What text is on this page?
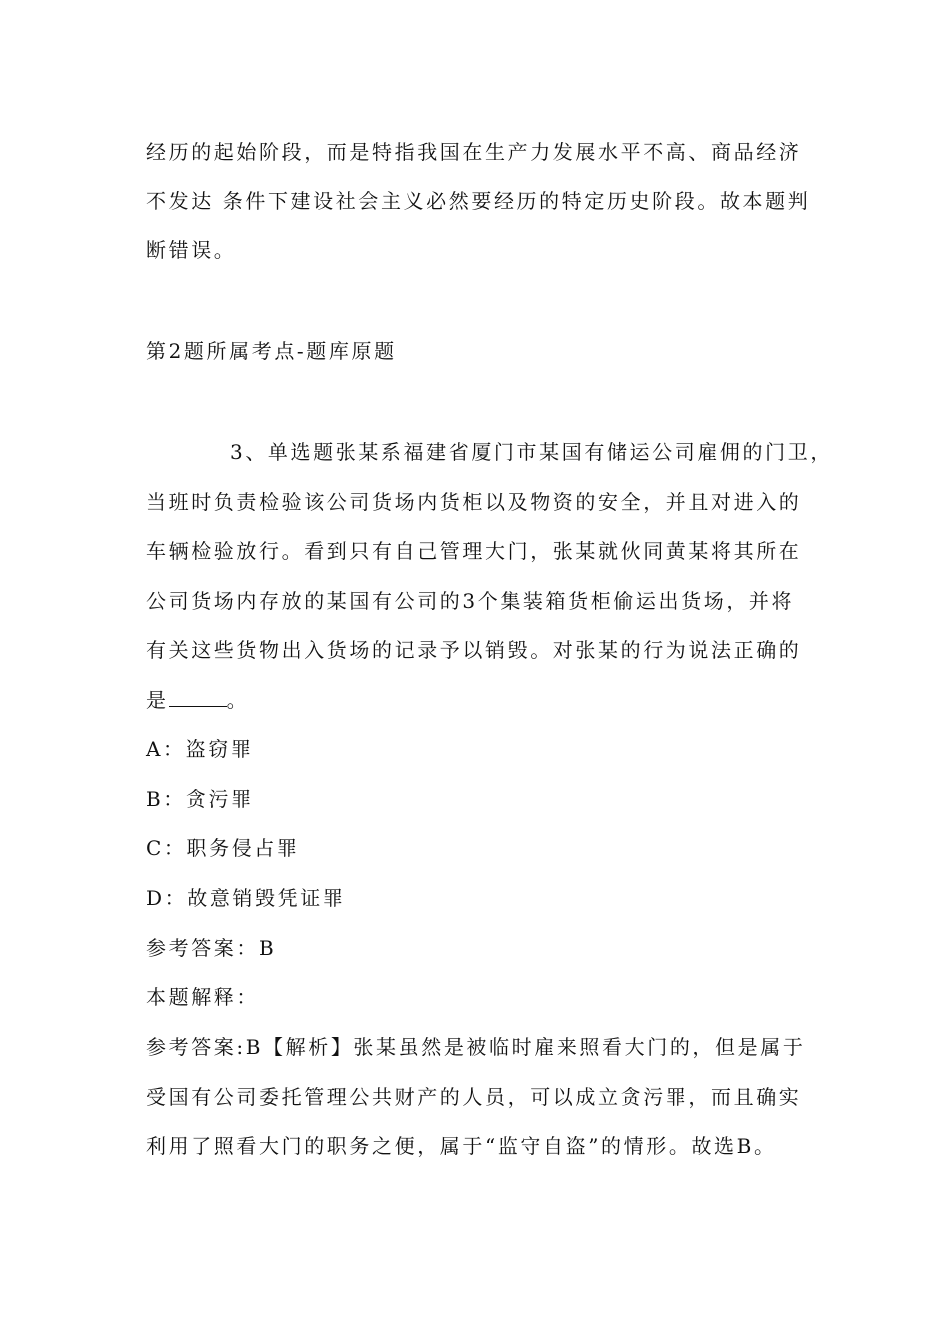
经历的起始阶段，而是特指我国在生产力发展水平不高、商品经济
不发达 条件下建设社会主义必然要经历的特定历史阶段。故本题判
断错误。
第2题所属考点-题库原题
3、单选题张某系福建省厦门市某国有储运公司雇佣的门卫，
当班时负责检验该公司货场内货柜以及物资的安全，并且对进入的
车辆检验放行。看到只有自己管理大门，张某就伙同黄某将其所在
公司货场内存放的某国有公司的3个集装箱货柜偷运出货场，并将
有关这些货物出入货场的记录予以销毁。对张某的行为说法正确的
是	。
A：盗窃罪
B：贪污罪
C：职务侵占罪
D：故意销毁凭证罪
参考答案：B
本题解释：
参考答案:B【解析】张某虽然是被临时雇来照看大门的，但是属于
受国有公司委托管理公共财产的人员，可以成立贪污罪，而且确实
利用了照看大门的职务之便，属于“监守自盗”的情形。故选B。
